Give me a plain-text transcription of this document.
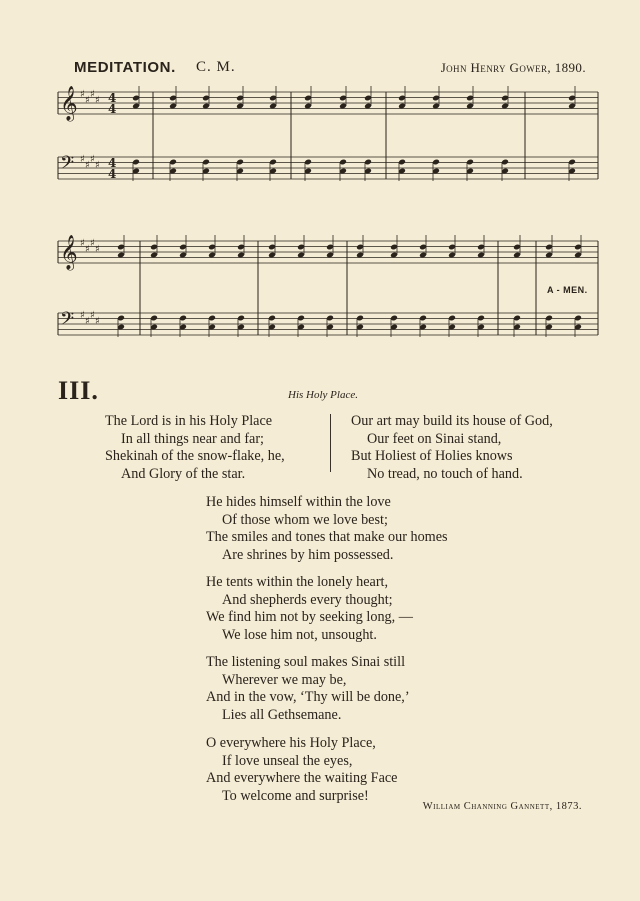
MEDITATION. C. M.	John Henry Gower, 1890.
𝄞 ♯
♯
♯
♯ 4
4
𝄢 ♯
♯
♯
♯ 4
4
𝄞 ♯
♯
♯
♯
𝄢 ♯
♯
♯
♯
A - MEN.
III.	His Holy Place.
The Lord is in his Holy Place
In all things near and far;
Shekinah of the snow-flake, he,
And Glory of the star.
Our art may build its house of God,
Our feet on Sinai stand,
But Holiest of Holies knows
No tread, no touch of hand.
He hides himself within the love
Of those whom we love best;
The smiles and tones that make our homes
Are shrines by him possessed.
He tents within the lonely heart,
And shepherds every thought;
We find him not by seeking long, —
We lose him not, unsought.
The listening soul makes Sinai still
Wherever we may be,
And in the vow, ‘Thy will be done,’
Lies all Gethsemane.
O everywhere his Holy Place,
If love unseal the eyes,
And everywhere the waiting Face
To welcome and surprise!
William Channing Gannett, 1873.
